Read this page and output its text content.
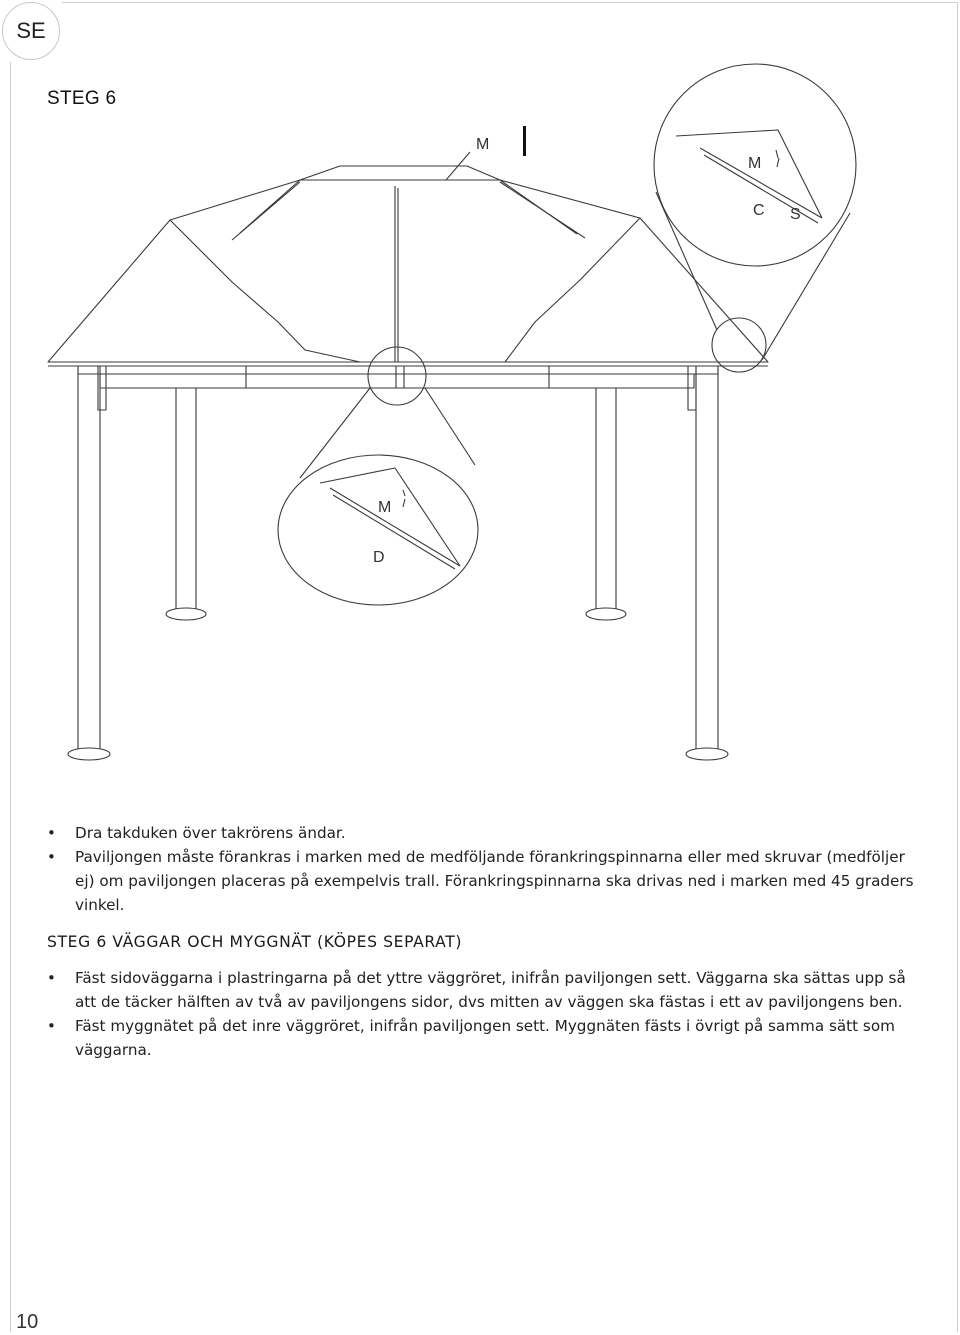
SE
STEG 6
M
M
C S
M
D
• Dra takduken över takrörens ändar.
• Paviljongen måste förankras i marken med de medföljande förankringspinnarna eller med skruvar (medföljer ej) om paviljongen placeras på exempelvis trall. Förankringspinnarna ska drivas ned i marken med 45 graders vinkel.
STEG 6 VÄGGAR OCH MYGGNÄT (KÖPES SEPARAT)
• Fäst sidoväggarna i plastringarna på det yttre väggröret, inifrån paviljongen sett. Väggarna ska sättas upp så att de täcker hälften av två av paviljongens sidor, dvs mitten av väggen ska fästas i ett av paviljongens ben.
• Fäst myggnätet på det inre väggröret, inifrån paviljongen sett. Myggnäten fästs i övrigt på samma sätt som väggarna.
10
